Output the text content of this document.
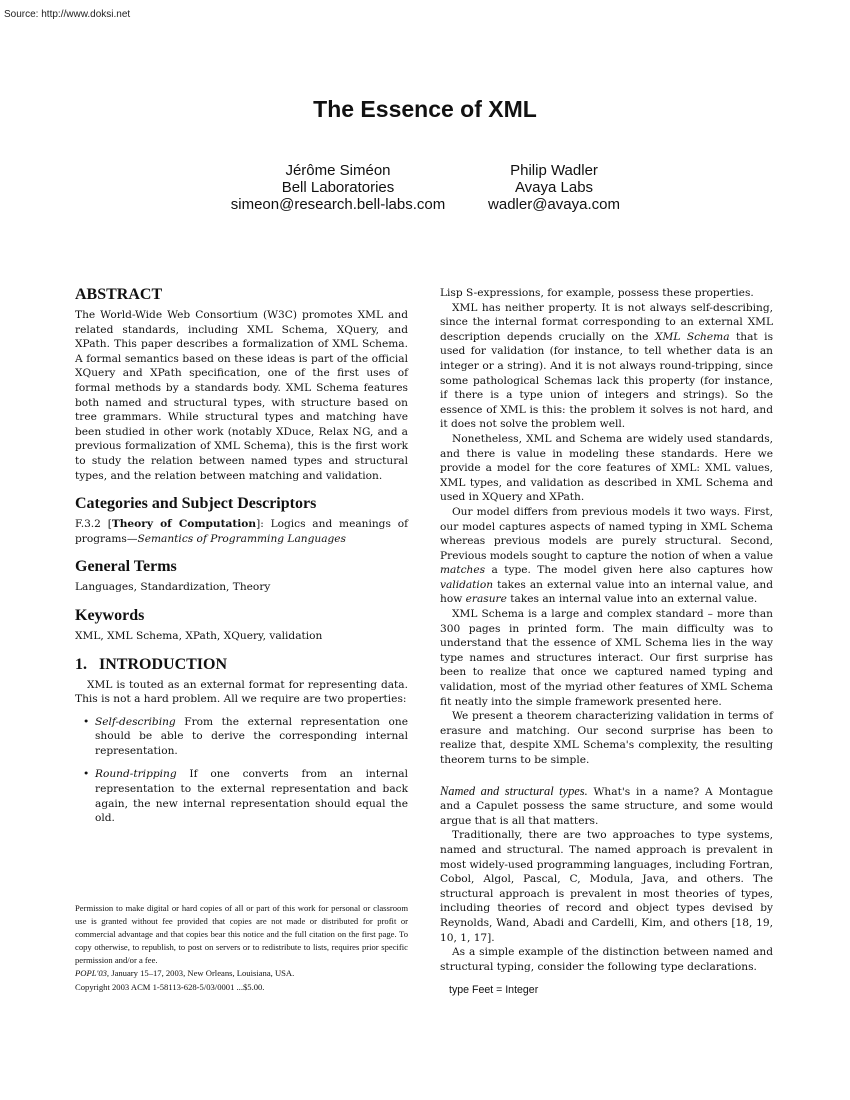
Source: http://www.doksi.net
The Essence of XML
Jérôme Siméon
Bell Laboratories
simeon@research.bell-labs.com
Philip Wadler
Avaya Labs
wadler@avaya.com
ABSTRACT

The World-Wide Web Consortium (W3C) promotes XML and related standards, including XML Schema, XQuery, and XPath. This paper describes a formalization of XML Schema. A formal semantics based on these ideas is part of the official XQuery and XPath specification, one of the first uses of formal methods by a standards body. XML Schema features both named and structural types, with structure based on tree grammars. While structural types and matching have been studied in other work (notably XDuce, Relax NG, and a previous formalization of XML Schema), this is the first work to study the relation between named types and structural types, and the relation between matching and validation.

Categories and Subject Descriptors

F.3.2 [Theory of Computation]: Logics and meanings of programs—Semantics of Programming Languages

General Terms

Languages, Standardization, Theory

Keywords

XML, XML Schema, XPath, XQuery, validation

1. INTRODUCTION

XML is touted as an external format for representing data. This is not a hard problem. All we require are two properties:

• Self-describing From the external representation one should be able to derive the corresponding internal representation.
• Round-tripping If one converts from an internal representation to the external representation and back again, the new internal representation should equal the old.
Permission to make digital or hard copies of all or part of this work for personal or classroom use is granted without fee provided that copies are not made or distributed for profit or commercial advantage and that copies bear this notice and the full citation on the first page. To copy otherwise, to republish, to post on servers or to redistribute to lists, requires prior specific permission and/or a fee.
POPL'03, January 15–17, 2003, New Orleans, Louisiana, USA.
Copyright 2003 ACM 1-58113-628-5/03/0001 ...$5.00.

Lisp S-expressions, for example, possess these properties.

XML has neither property. It is not always self-describing, since the internal format corresponding to an external XML description depends crucially on the XML Schema that is used for validation (for instance, to tell whether data is an integer or a string). And it is not always round-tripping, since some pathological Schemas lack this property (for instance, if there is a type union of integers and strings). So the essence of XML is this: the problem it solves is not hard, and it does not solve the problem well.

Nonetheless, XML and Schema are widely used standards, and there is value in modeling these standards. Here we provide a model for the core features of XML: XML values, XML types, and validation as described in XML Schema and used in XQuery and XPath.

Our model differs from previous models it two ways. First, our model captures aspects of named typing in XML Schema whereas previous models are purely structural. Second, Previous models sought to capture the notion of when a value matches a type. The model given here also captures how validation takes an external value into an internal value, and how erasure takes an internal value into an external value.

XML Schema is a large and complex standard – more than 300 pages in printed form. The main difficulty was to understand that the essence of XML Schema lies in the way type names and structures interact. Our first surprise has been to realize that once we captured named typing and validation, most of the myriad other features of XML Schema fit neatly into the simple framework presented here.

We present a theorem characterizing validation in terms of erasure and matching. Our second surprise has been to realize that, despite XML Schema's complexity, the resulting theorem turns to be simple.

Named and structural types. What's in a name? A Montague and a Capulet possess the same structure, and some would argue that is all that matters.

Traditionally, there are two approaches to type systems, named and structural. The named approach is prevalent in most widely-used programming languages, including Fortran, Cobol, Algol, Pascal, C, Modula, Java, and others. The structural approach is prevalent in most theories of types, including theories of record and object types devised by Reynolds, Wand, Abadi and Cardelli, Kim, and others [18, 19, 10, 1, 17].

As a simple example of the distinction between named and structural typing, consider the following type declarations.

type Feet = Integer
